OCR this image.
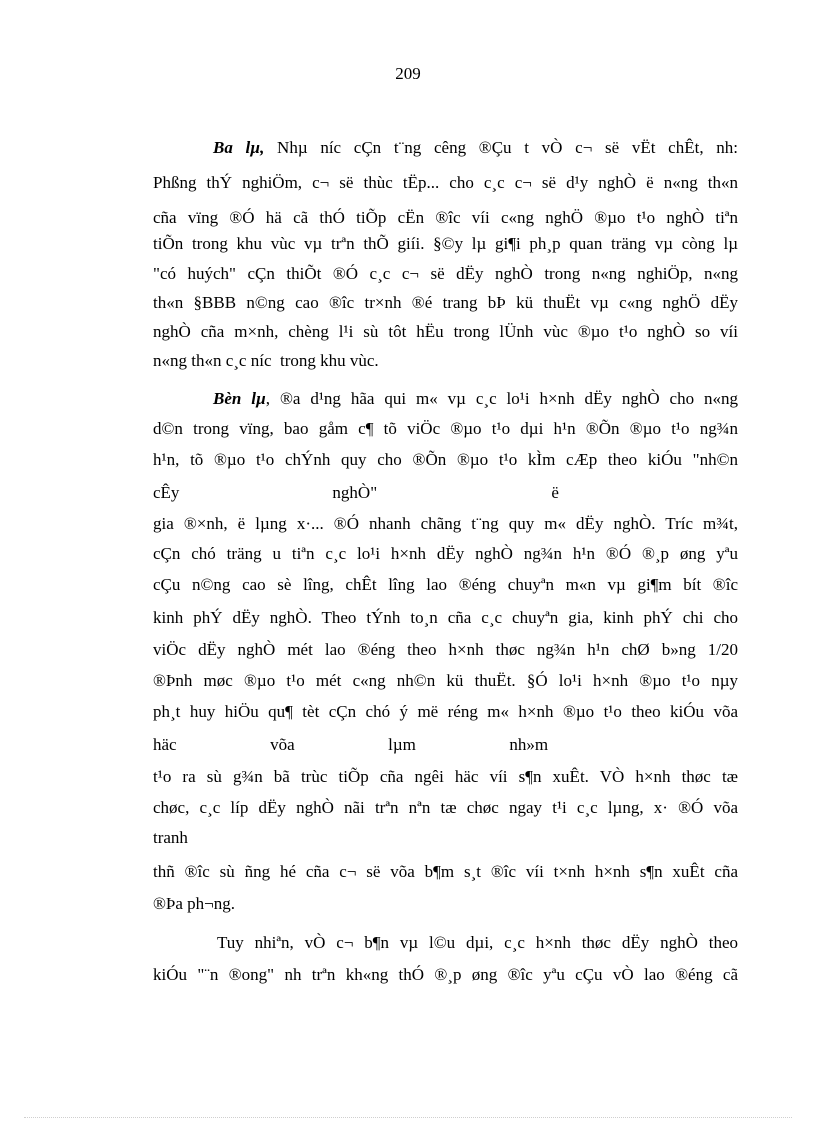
209
Ba lµ, Nhµ níc cÇn t¨ng cêng ®Çu t vÒ c¬ së vËt chÊt, nh:
Phßng thÝ nghiÖm, c¬ së thùc tËp... cho c¸c c¬ së d¹y nghÒ ë n«ng th«n
cña vïng ®Ó hä cã thÓ tiÕp cËn ®îc víi c«ng nghÖ ®µo t¹o nghÒ tiªn
tiÕn trong khu vùc vµ trªn thÕ giíi. §©y lµ gi¶i ph¸p quan träng vµ còng lµ
"có huých" cÇn thiÕt ®Ó c¸c c¬ së dËy nghÒ trong n«ng nghiÖp, n«ng
th«n §BBB n©ng cao ®îc tr×nh ®é trang bÞ kü thuËt vµ c«ng nghÖ dËy
nghÒ cña m×nh, chèng l¹i sù tôt hËu trong lÜnh vùc ®µo t¹o nghÒ so víi
n«ng th«n c¸c níc  trong khu vùc.
Bèn lµ, ®a d¹ng hãa qui m« vµ c¸c lo¹i h×nh dËy nghÒ cho n«ng
d©n trong vïng, bao gåm c¶ tõ viÖc ®µo t¹o dµi h¹n ®Õn ®µo t¹o ng¾n
h¹n, tõ ®µo t¹o chÝnh quy cho ®Õn ®µo t¹o kÌm cÆp theo kiÓu "nh©n
cÊy                                    nghÒ"                                         ë
gia ®×nh, ë lµng x·... ®Ó nhanh chãng t¨ng quy m« dËy nghÒ. Tríc m¾t,
cÇn chó träng u tiªn c¸c lo¹i h×nh dËy nghÒ ng¾n h¹n ®Ó ®¸p øng yªu
cÇu n©ng cao sè lîng, chÊt lîng lao ®éng chuyªn m«n vµ gi¶m bít ®îc
kinh phÝ dËy nghÒ. Theo tÝnh to¸n cña c¸c chuyªn gia, kinh phÝ chi cho
viÖc dËy nghÒ mét lao ®éng theo h×nh thøc ng¾n h¹n chØ b»ng 1/20
®Þnh møc ®µo t¹o mét c«ng nh©n kü thuËt. §Ó lo¹i h×nh ®µo t¹o nµy
ph¸t huy hiÖu qu¶ tèt cÇn chó ý më réng m« h×nh ®µo t¹o theo kiÓu võa
häc                      võa                      lµm                      nh»m
t¹o ra sù g¾n bã trùc tiÕp cña ngêi häc víi s¶n xuÊt. VÒ h×nh thøc tæ
chøc, c¸c líp dËy nghÒ nãi trªn nªn tæ chøc ngay t¹i c¸c lµng, x· ®Ó võa
tranh
thñ ®îc sù ñng hé cña c¬ së võa b¶m s¸t ®îc víi t×nh h×nh s¶n xuÊt cña
®Þa ph¬ng.
Tuy nhiªn, vÒ c¬ b¶n vµ l©u dµi, c¸c h×nh thøc dËy nghÒ theo
kiÓu "¨n ®ong" nh trªn kh«ng thÓ ®¸p øng ®îc yªu cÇu vÒ lao ®éng cã
